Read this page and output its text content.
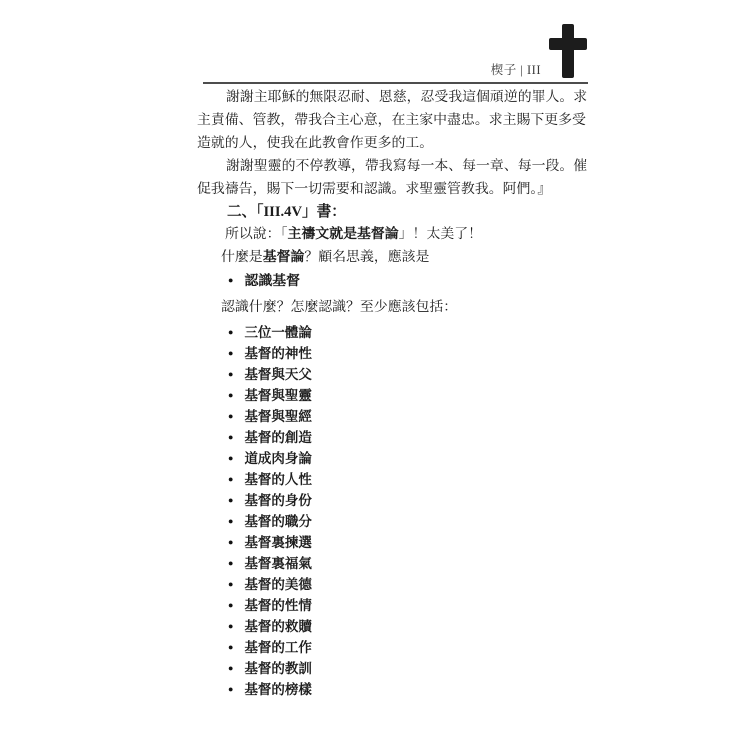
楔子 | III
謝謝主耶穌的無限忍耐、恩慈，忍受我這個頑逆的罪人。求
主責備、管教，帶我合主心意，在主家中盡忠。求主賜下更多受
造就的人，使我在此教會作更多的工。
謝謝聖靈的不停教導，帶我寫每一本、每一章、每一段。催
促我禱告，賜下一切需要和認識。求聖靈管教我。阿們。』
二、「III.4V」書：
所以說：「主禱文就是基督論」！太美了！
什麼是基督論？顧名思義，應該是
● 認識基督
認識什麼？怎麼認識？至少應該包括：
● 三位一體論
● 基督的神性
● 基督與天父
● 基督與聖靈
● 基督與聖經
● 基督的創造
● 道成肉身論
● 基督的人性
● 基督的身份
● 基督的職分
● 基督裏揀選
● 基督裏福氣
● 基督的美德
● 基督的性情
● 基督的救贖
● 基督的工作
● 基督的教訓
● 基督的榜樣
